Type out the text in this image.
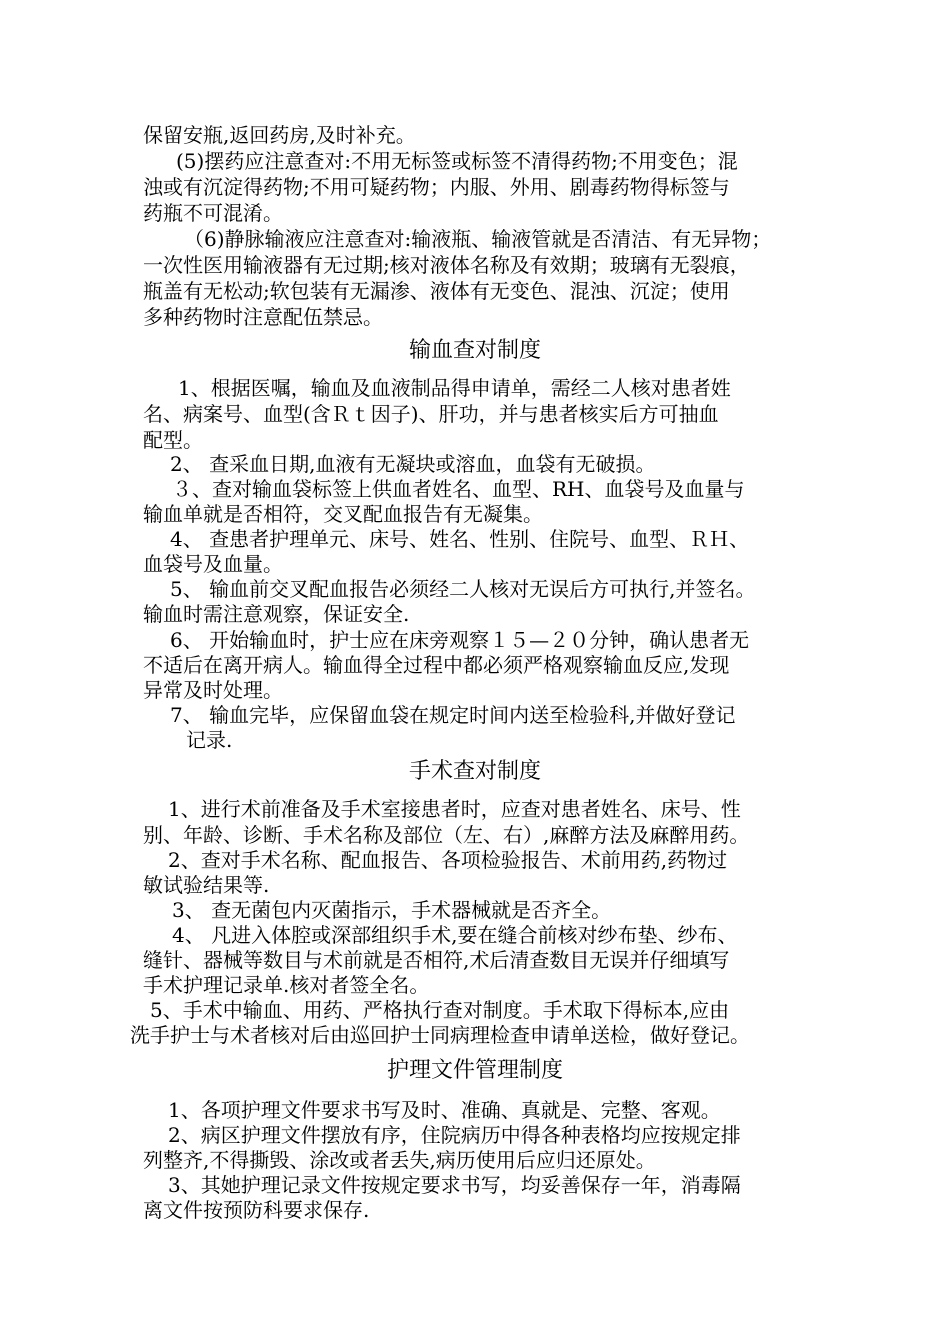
保留安瓶,返回药房,及时补充。
(5)摆药应注意查对:不用无标签或标签不清得药物;不用变色；混
浊或有沉淀得药物;不用可疑药物；内服、外用、剧毒药物得标签与
药瓶不可混淆。
（6)静脉输液应注意查对:输液瓶、输液管就是否清洁、有无异物；
一次性医用输液器有无过期;核对液体名称及有效期；玻璃有无裂痕，
瓶盖有无松动;软包装有无漏渗、液体有无变色、混浊、沉淀；使用
多种药物时注意配伍禁忌。
输血查对制度
1、根据医嘱，输血及血液制品得申请单，需经二人核对患者姓
名、病案号、血型(含Ｒｔ因子)、肝功，并与患者核实后方可抽血
配型。
2、 查采血日期,血液有无凝块或溶血，血袋有无破损。
３、查对输血袋标签上供血者姓名、血型、RH、血袋号及血量与
输血单就是否相符，交叉配血报告有无凝集。
4、 查患者护理单元、床号、姓名、性别、住院号、血型、ＲＨ、
血袋号及血量。
5、 输血前交叉配血报告必须经二人核对无误后方可执行,并签名。
输血时需注意观察，保证安全.
6、 开始输血时，护士应在床旁观察１５—２０分钟，确认患者无
不适后在离开病人。输血得全过程中都必须严格观察输血反应,发现
异常及时处理。
7、 输血完毕，应保留血袋在规定时间内送至检验科,并做好登记
记录.
手术查对制度
1、进行术前准备及手术室接患者时，应查对患者姓名、床号、性
别、年龄、诊断、手术名称及部位（左、右）,麻醉方法及麻醉用药。
2、查对手术名称、配血报告、各项检验报告、术前用药,药物过
敏试验结果等.
3、 查无菌包内灭菌指示，手术器械就是否齐全。
4、 凡进入体腔或深部组织手术,要在缝合前核对纱布垫、纱布、
缝针、器械等数目与术前就是否相符,术后清查数目无误并仔细填写
手术护理记录单.核对者签全名。
5、手术中输血、用药、严格执行查对制度。手术取下得标本,应由
洗手护士与术者核对后由巡回护士同病理检查申请单送检，做好登记。
护理文件管理制度
1、各项护理文件要求书写及时、准确、真就是、完整、客观。
2、病区护理文件摆放有序，住院病历中得各种表格均应按规定排
列整齐,不得撕毁、涂改或者丢失,病历使用后应归还原处。
3、其她护理记录文件按规定要求书写，均妥善保存一年，消毒隔
离文件按预防科要求保存.
